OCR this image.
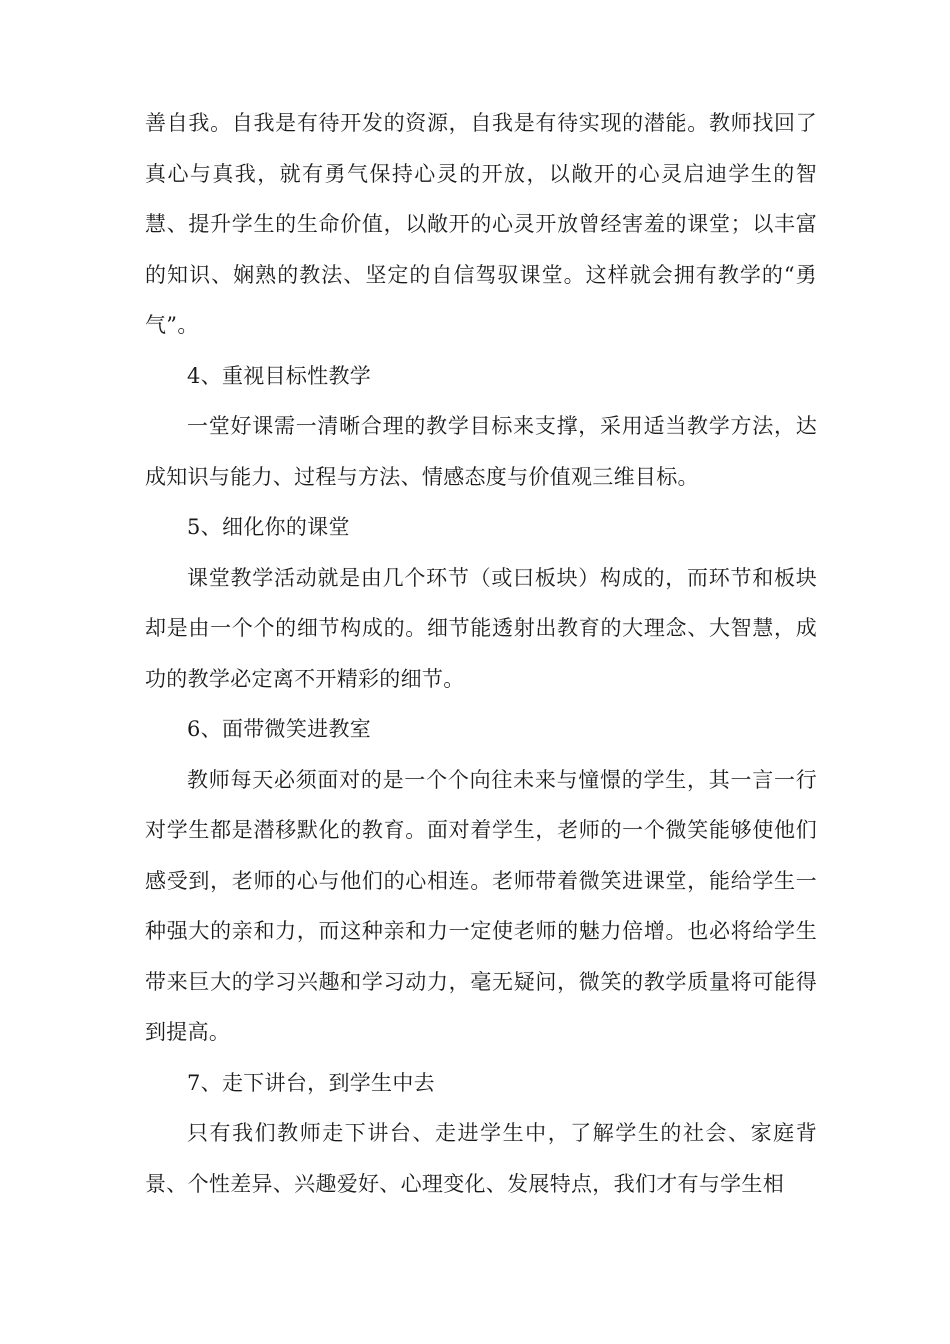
善自我。自我是有待开发的资源，自我是有待实现的潜能。教师找回了真心与真我，就有勇气保持心灵的开放，以敞开的心灵启迪学生的智慧、提升学生的生命价值，以敞开的心灵开放曾经害羞的课堂；以丰富的知识、娴熟的教法、坚定的自信驾驭课堂。这样就会拥有教学的“勇气”。

4、重视目标性教学

一堂好课需一清晰合理的教学目标来支撑，采用适当教学方法，达成知识与能力、过程与方法、情感态度与价值观三维目标。

5、细化你的课堂

课堂教学活动就是由几个环节（或曰板块）构成的，而环节和板块却是由一个个的细节构成的。细节能透射出教育的大理念、大智慧，成功的教学必定离不开精彩的细节。

6、面带微笑进教室

教师每天必须面对的是一个个向往未来与憧憬的学生，其一言一行对学生都是潜移默化的教育。面对着学生，老师的一个微笑能够使他们感受到，老师的心与他们的心相连。老师带着微笑进课堂，能给学生一种强大的亲和力，而这种亲和力一定使老师的魅力倍增。也必将给学生带来巨大的学习兴趣和学习动力，毫无疑问，微笑的教学质量将可能得到提高。

7、走下讲台，到学生中去

只有我们教师走下讲台、走进学生中，了解学生的社会、家庭背景、个性差异、兴趣爱好、心理变化、发展特点，我们才有与学生相
